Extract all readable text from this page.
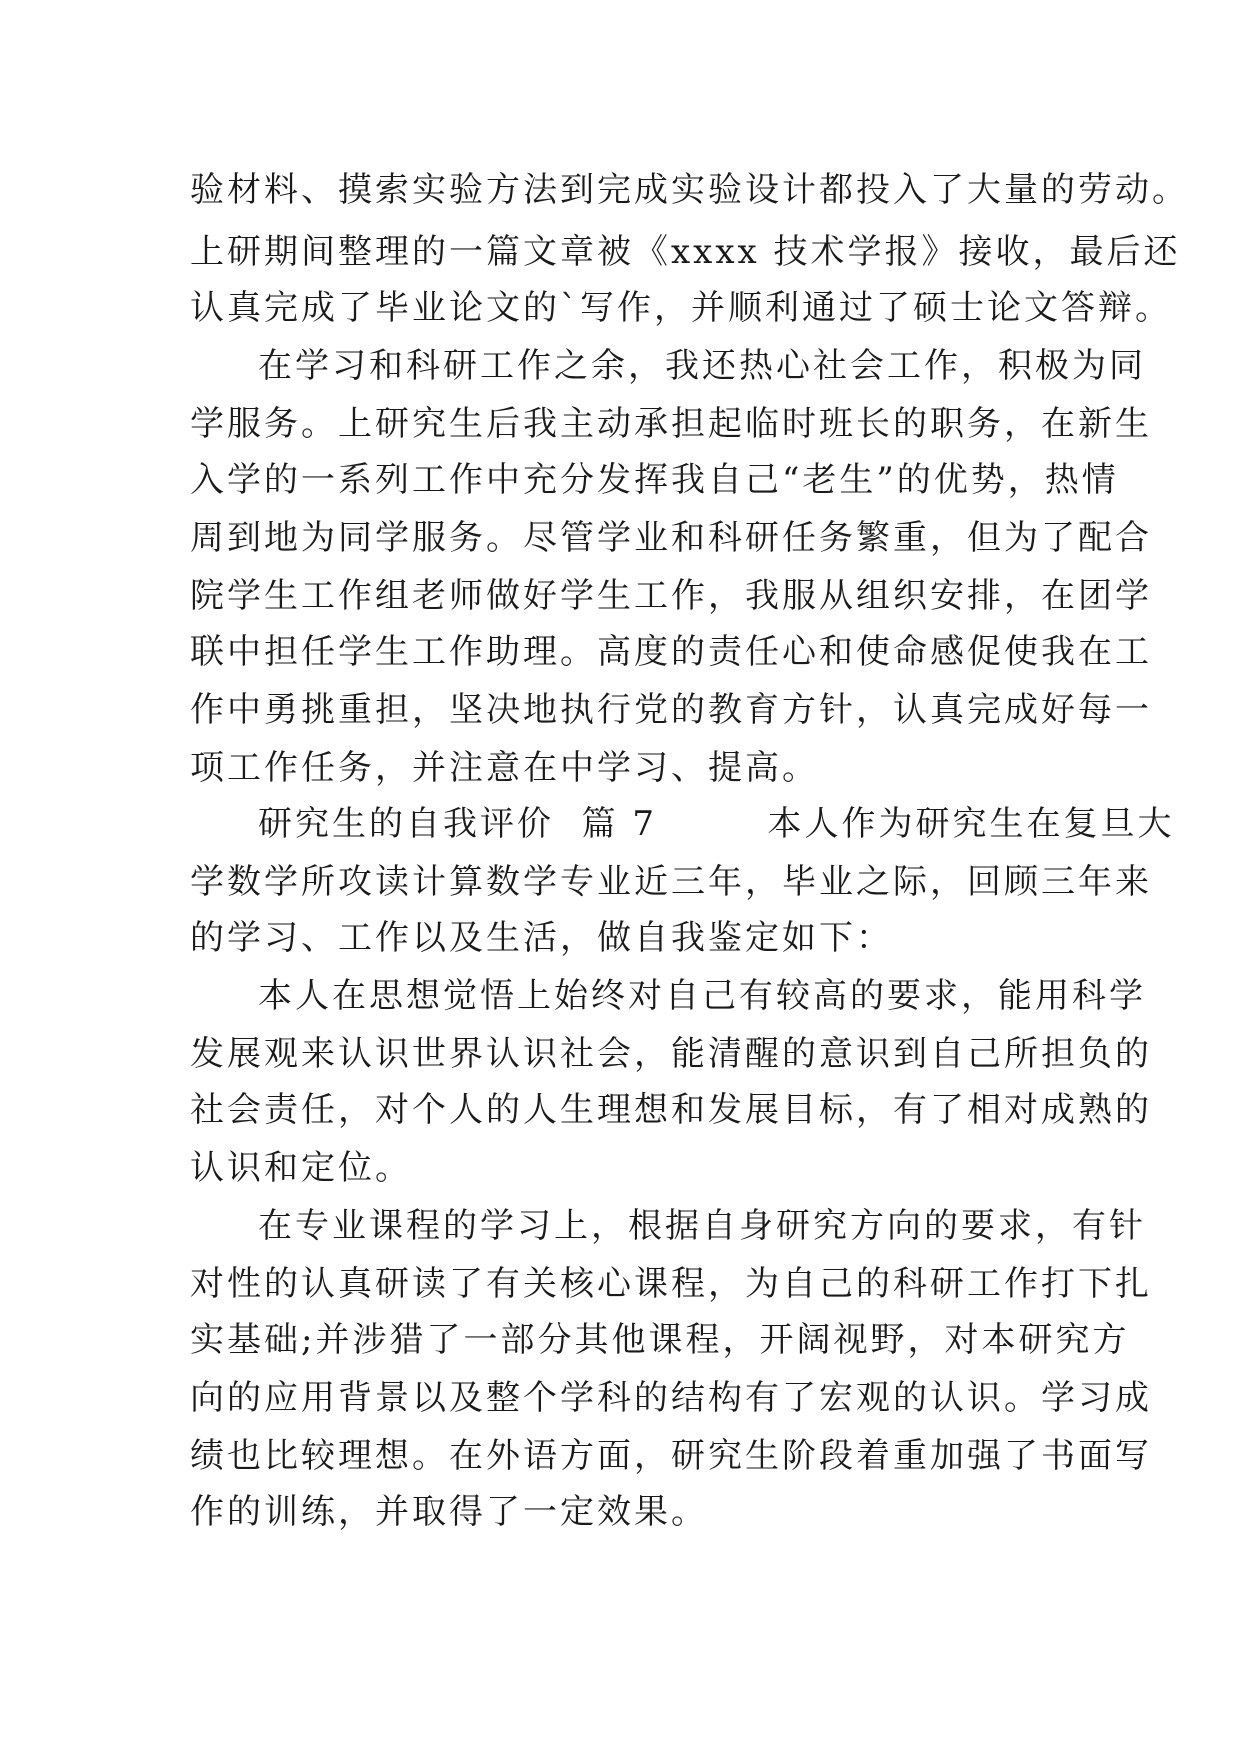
验材料、摸索实验方法到完成实验设计都投入了大量的劳动。
上研期间整理的一篇文章被《xxxx 技术学报》接收，最后还
认真完成了毕业论文的`写作，并顺利通过了硕士论文答辩。
在学习和科研工作之余，我还热心社会工作，积极为同
学服务。上研究生后我主动承担起临时班长的职务，在新生
入学的一系列工作中充分发挥我自己“老生”的优势，热情
周到地为同学服务。尽管学业和科研任务繁重，但为了配合
院学生工作组老师做好学生工作，我服从组织安排，在团学
联中担任学生工作助理。高度的责任心和使命感促使我在工
作中勇挑重担，坚决地执行党的教育方针，认真完成好每一
项工作任务，并注意在中学习、提高。
研究生的自我评价  篇 7        本人作为研究生在复旦大
学数学所攻读计算数学专业近三年，毕业之际，回顾三年来
的学习、工作以及生活，做自我鉴定如下：
本人在思想觉悟上始终对自己有较高的要求，能用科学
发展观来认识世界认识社会，能清醒的意识到自己所担负的
社会责任，对个人的人生理想和发展目标，有了相对成熟的
认识和定位。
在专业课程的学习上，根据自身研究方向的要求，有针
对性的认真研读了有关核心课程，为自己的科研工作打下扎
实基础;并涉猎了一部分其他课程，开阔视野，对本研究方
向的应用背景以及整个学科的结构有了宏观的认识。学习成
绩也比较理想。在外语方面，研究生阶段着重加强了书面写
作的训练，并取得了一定效果。
